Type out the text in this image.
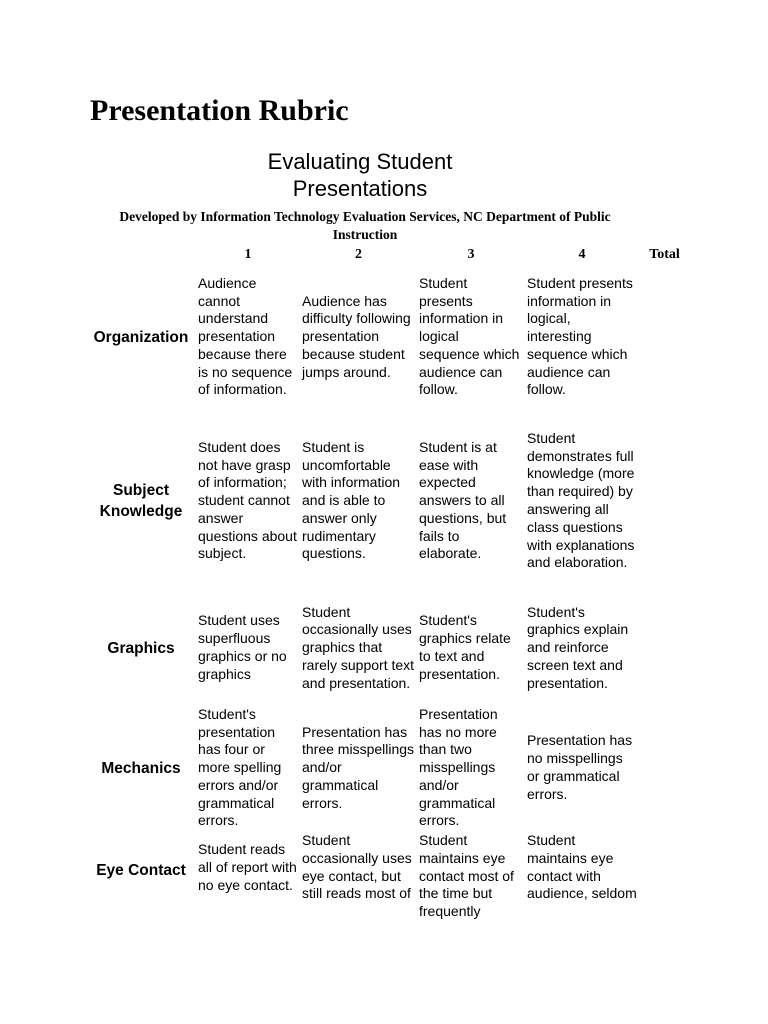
Presentation Rubric
Evaluating Student Presentations

Developed by Information Technology Evaluation Services, NC Department of Public Instruction

	1	2	3	4	Total
Organization	Audience cannot understand presentation because there is no sequence of information.	Audience has difficulty following presentation because student jumps around.	Student presents information in logical sequence which audience can follow.	Student presents information in logical, interesting sequence which audience can follow.	
Subject Knowledge	Student does not have grasp of information; student cannot answer questions about subject.	Student is uncomfortable with information and is able to answer only rudimentary questions.	Student is at ease with expected answers to all questions, but fails to elaborate.	Student demonstrates full knowledge (more than required) by answering all class questions with explanations and elaboration.	
Graphics	Student uses superfluous graphics or no graphics	Student occasionally uses graphics that rarely support text and presentation.	Student's graphics relate to text and presentation.	Student's graphics explain and reinforce screen text and presentation.	
Mechanics	Student's presentation has four or more spelling errors and/or grammatical errors.	Presentation has three misspellings and/or grammatical errors.	Presentation has no more than two misspellings and/or grammatical errors.	Presentation has no misspellings or grammatical errors.	
Eye Contact	Student reads all of report with no eye contact.	Student occasionally uses eye contact, but still reads most of	Student maintains eye contact most of the time but frequently	Student maintains eye contact with audience, seldom	
